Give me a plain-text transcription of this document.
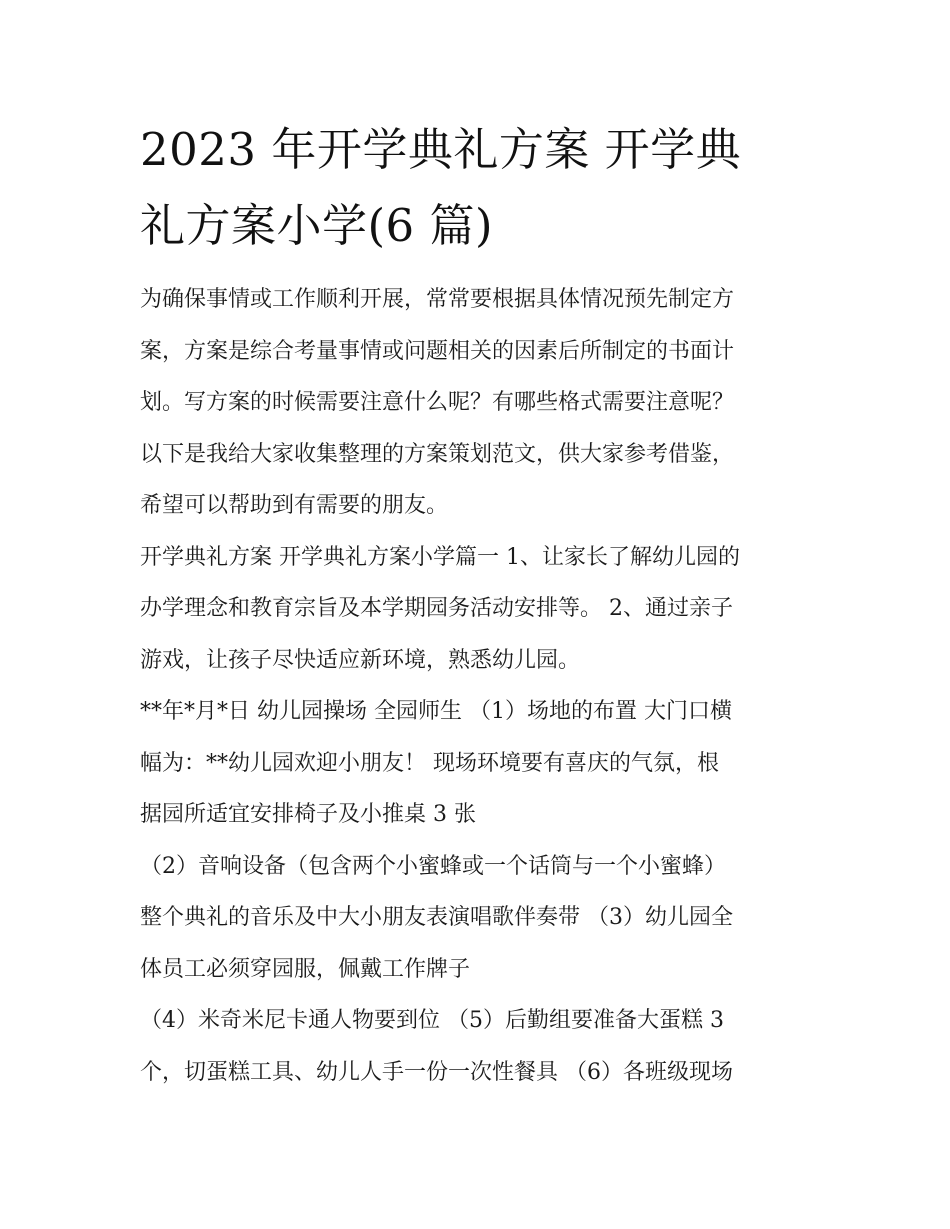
2023 年开学典礼方案 开学典
礼方案小学(6 篇)
为确保事情或工作顺利开展，常常要根据具体情况预先制定方
案，方案是综合考量事情或问题相关的因素后所制定的书面计
划。写方案的时候需要注意什么呢？有哪些格式需要注意呢？
以下是我给大家收集整理的方案策划范文，供大家参考借鉴，
希望可以帮助到有需要的朋友。
开学典礼方案 开学典礼方案小学篇一 1、让家长了解幼儿园的
办学理念和教育宗旨及本学期园务活动安排等。 2、通过亲子
游戏，让孩子尽快适应新环境，熟悉幼儿园。
**年*月*日 幼儿园操场 全园师生 （1）场地的布置 大门口横
幅为：**幼儿园欢迎小朋友！ 现场环境要有喜庆的气氛，根
据园所适宜安排椅子及小推桌 3 张
（2）音响设备（包含两个小蜜蜂或一个话筒与一个小蜜蜂）
整个典礼的音乐及中大小朋友表演唱歌伴奏带 （3）幼儿园全
体员工必须穿园服，佩戴工作牌子
（4）米奇米尼卡通人物要到位 （5）后勤组要准备大蛋糕 3
个，切蛋糕工具、幼儿人手一份一次性餐具 （6）各班级现场
